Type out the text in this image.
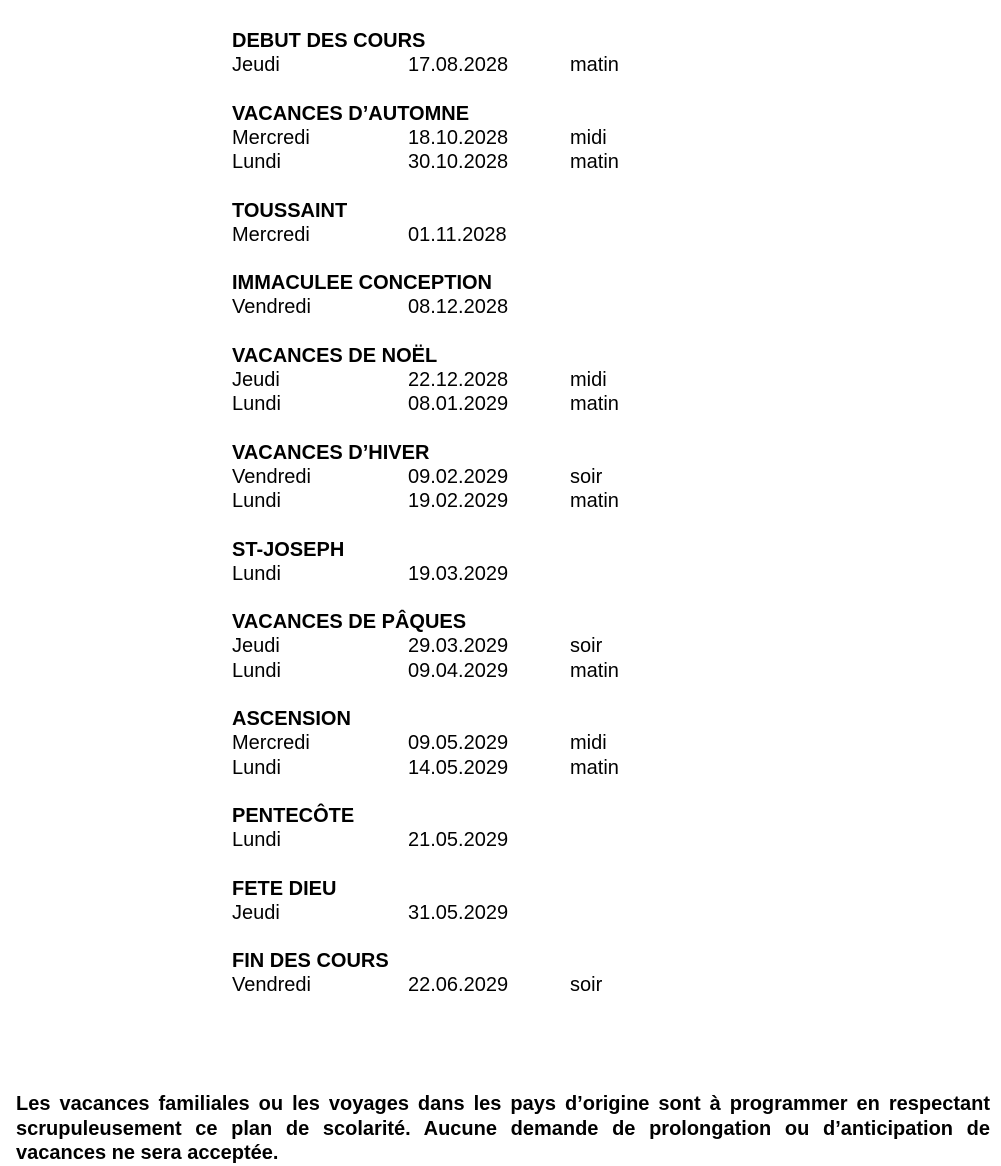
DEBUT DES COURS
Jeudi	17.08.2028	matin
VACANCES D’AUTOMNE
Mercredi	18.10.2028	midi
Lundi	30.10.2028	matin
TOUSSAINT
Mercredi	01.11.2028
IMMACULEE CONCEPTION
Vendredi	08.12.2028
VACANCES DE NOËL
Jeudi	22.12.2028	midi
Lundi	08.01.2029	matin
VACANCES D’HIVER
Vendredi	09.02.2029	soir
Lundi	19.02.2029	matin
ST-JOSEPH
Lundi	19.03.2029
VACANCES DE PÂQUES
Jeudi	29.03.2029	soir
Lundi	09.04.2029	matin
ASCENSION
Mercredi	09.05.2029	midi
Lundi	14.05.2029	matin
PENTECÔTE
Lundi	21.05.2029
FETE DIEU
Jeudi	31.05.2029
FIN DES COURS
Vendredi	22.06.2029	soir

Les vacances familiales ou les voyages dans les pays d’origine sont à programmer en respectant scrupuleusement ce plan de scolarité. Aucune demande de prolongation ou d’anticipation de vacances ne sera acceptée.
